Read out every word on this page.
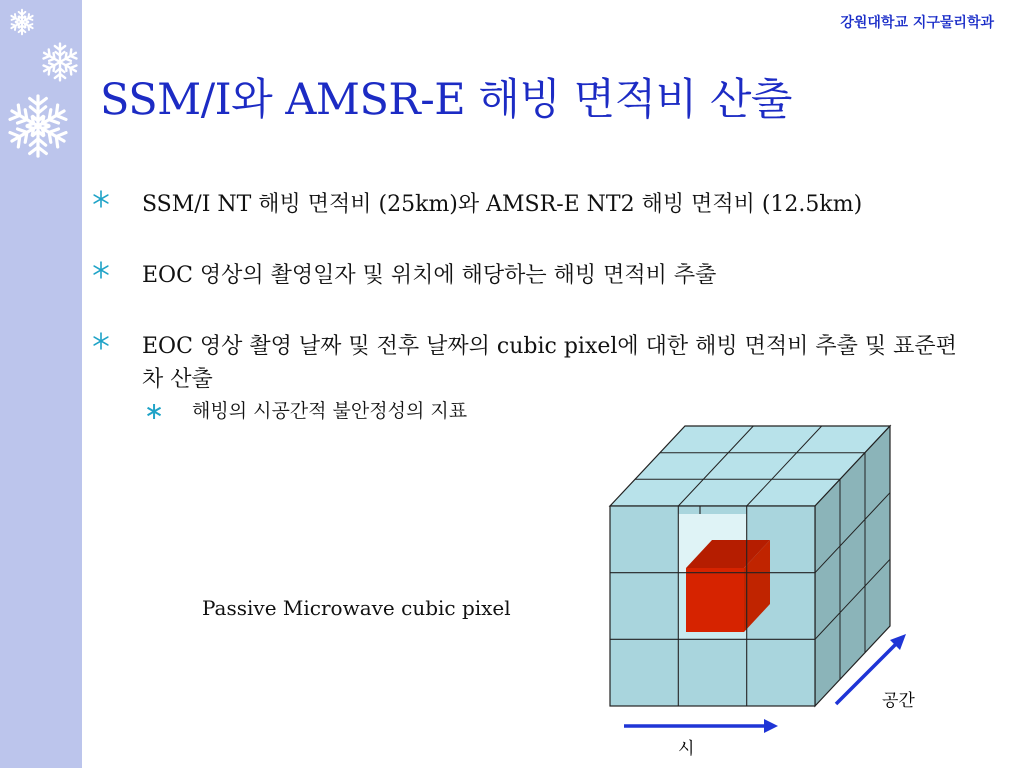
강원대학교 지구물리학과

SSM/I와 AMSR-E 해빙 면적비 산출
SSM/I NT 해빙 면적비 (25km)와 AMSR-E NT2 해빙 면적비 (12.5km)
EOC 영상의 촬영일자 및 위치에 해당하는 해빙 면적비 추출
EOC 영상 촬영 날짜 및 전후 날짜의 cubic pixel에 대한 해빙 면적비 추출 및 표준편차 산출
∗ 해빙의 시공간적 불안정성의 지표

Passive Microwave cubic pixel

공간
시
